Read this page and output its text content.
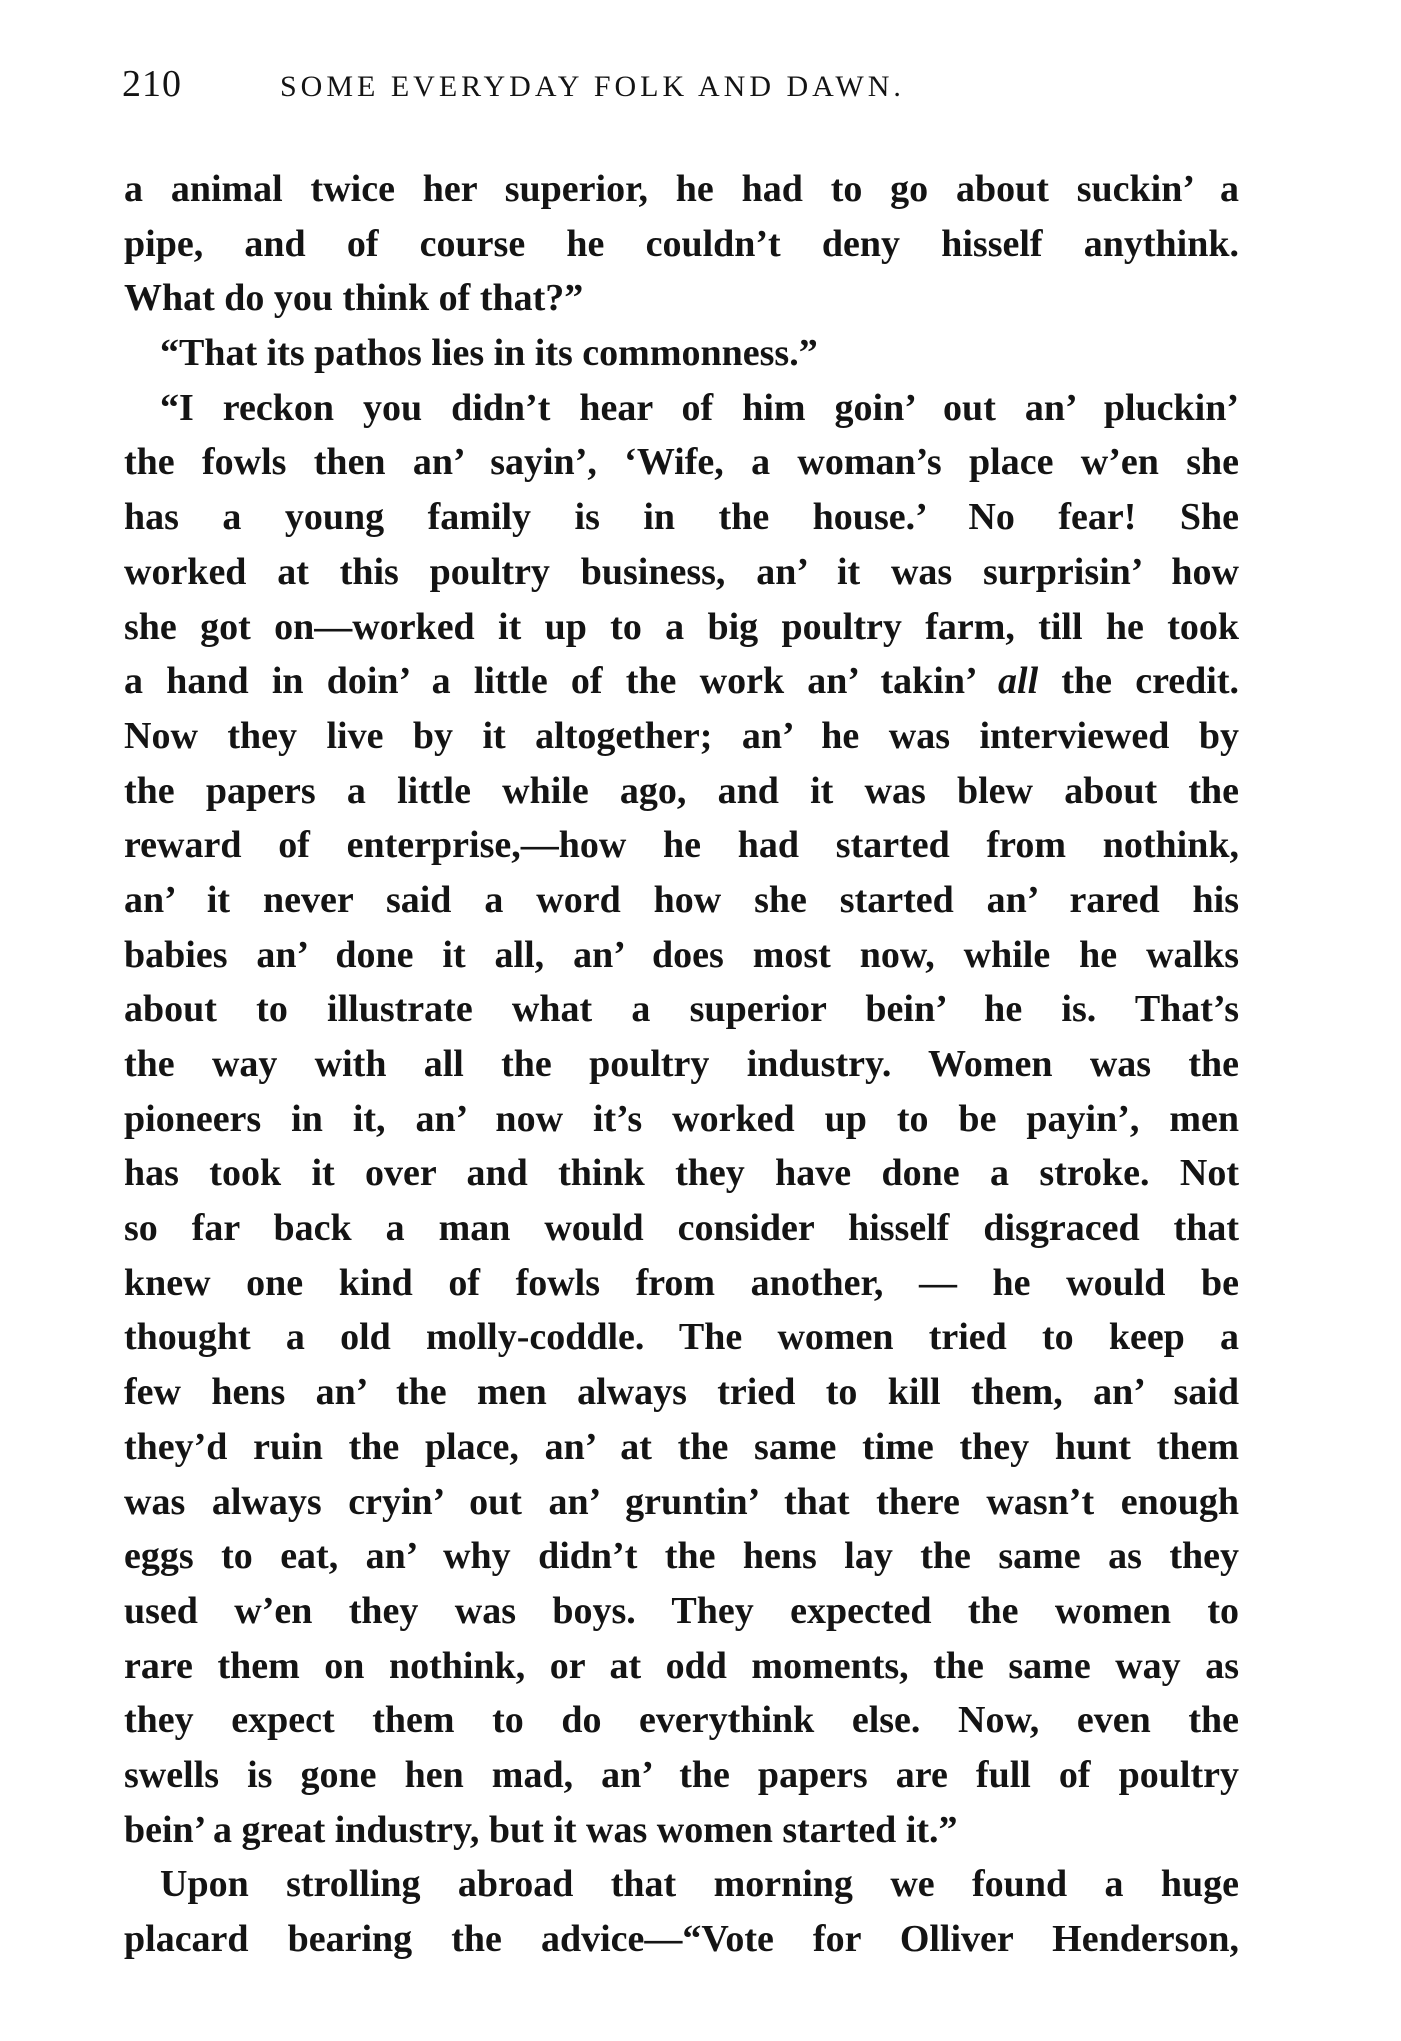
210	SOME EVERYDAY FOLK AND DAWN.
a animal twice her superior, he had to go about suckin’ a
pipe, and of course he couldn’t deny hisself anythink.
What do you think of that?”
“That its pathos lies in its commonness.”
“I reckon you didn’t hear of him goin’ out an’ pluckin’
the fowls then an’ sayin’, ‘Wife, a woman’s place w’en she
has a young family is in the house.’ No fear! She
worked at this poultry business, an’ it was surprisin’ how
she got on—worked it up to a big poultry farm, till he took
a hand in doin’ a little of the work an’ takin’ all the credit.
Now they live by it altogether; an’ he was interviewed by
the papers a little while ago, and it was blew about the
reward of enterprise,—how he had started from nothink,
an’ it never said a word how she started an’ rared his
babies an’ done it all, an’ does most now, while he walks
about to illustrate what a superior bein’ he is. That’s
the way with all the poultry industry. Women was the
pioneers in it, an’ now it’s worked up to be payin’, men
has took it over and think they have done a stroke. Not
so far back a man would consider hisself disgraced that
knew one kind of fowls from another, — he would be
thought a old molly-coddle. The women tried to keep a
few hens an’ the men always tried to kill them, an’ said
they’d ruin the place, an’ at the same time they hunt them
was always cryin’ out an’ gruntin’ that there wasn’t enough
eggs to eat, an’ why didn’t the hens lay the same as they
used w’en they was boys. They expected the women to
rare them on nothink, or at odd moments, the same way as
they expect them to do everythink else. Now, even the
swells is gone hen mad, an’ the papers are full of poultry
bein’ a great industry, but it was women started it.”
Upon strolling abroad that morning we found a huge
placard bearing the advice—“Vote for Olliver Henderson,
